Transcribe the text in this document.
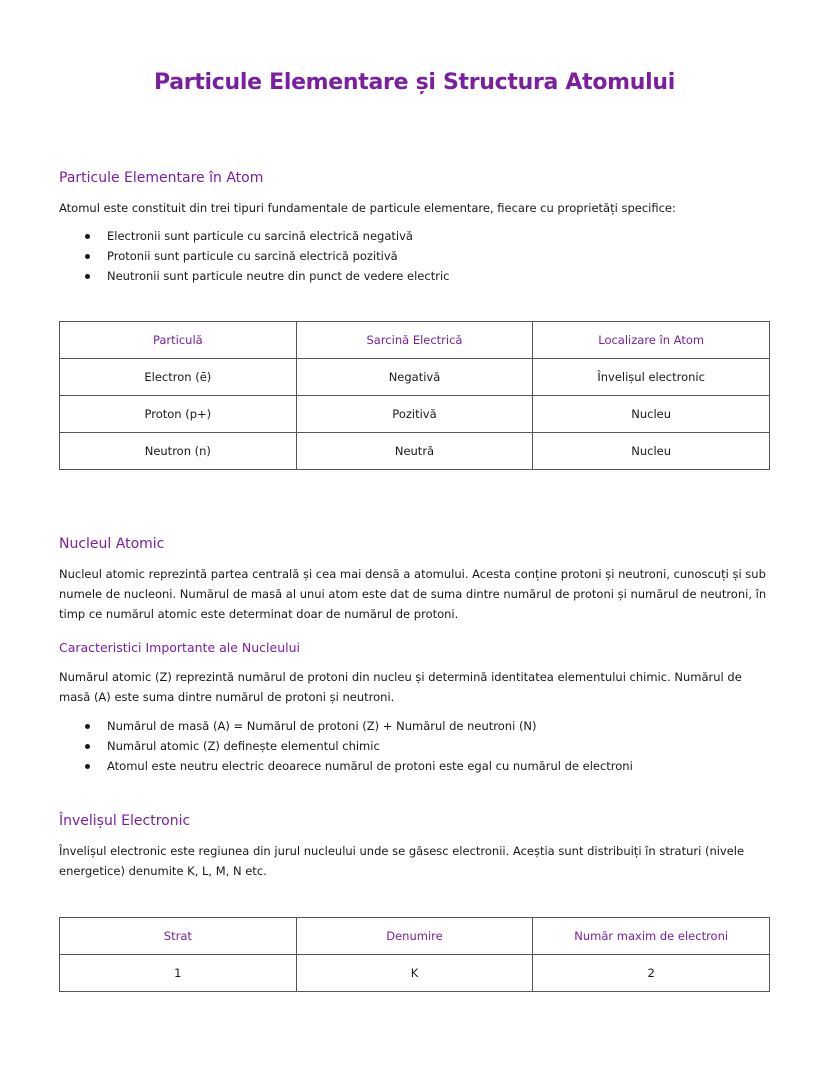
Particule Elementare și Structura Atomului
Particule Elementare în Atom

Atomul este constituit din trei tipuri fundamentale de particule elementare, fiecare cu proprietăți specifice:

Electronii sunt particule cu sarcină electrică negativă
Protonii sunt particule cu sarcină electrică pozitivă
Neutronii sunt particule neutre din punct de vedere electric
Particulă	Sarcină Electrică	Localizare în Atom
Electron (ē)	Negativă	Învelișul electronic
Proton (p+)	Pozitivă	Nucleu
Neutron (n)	Neutră	Nucleu
Nucleul Atomic

Nucleul atomic reprezintă partea centrală și cea mai densă a atomului. Acesta conține protoni și neutroni, cunoscuți și sub numele de nucleoni. Numărul de masă al unui atom este dat de suma dintre numărul de protoni și numărul de neutroni, în timp ce numărul atomic este determinat doar de numărul de protoni.

Caracteristici Importante ale Nucleului

Numărul atomic (Z) reprezintă numărul de protoni din nucleu și determină identitatea elementului chimic. Numărul de masă (A) este suma dintre numărul de protoni și neutroni.

Numărul de masă (A) = Numărul de protoni (Z) + Numărul de neutroni (N)
Numărul atomic (Z) definește elementul chimic
Atomul este neutru electric deoarece numărul de protoni este egal cu numărul de electroni
Învelișul Electronic

Învelișul electronic este regiunea din jurul nucleului unde se găsesc electronii. Aceștia sunt distribuiți în straturi (nivele energetice) denumite K, L, M, N etc.

Strat	Denumire	Număr maxim de electroni
1	K	2
